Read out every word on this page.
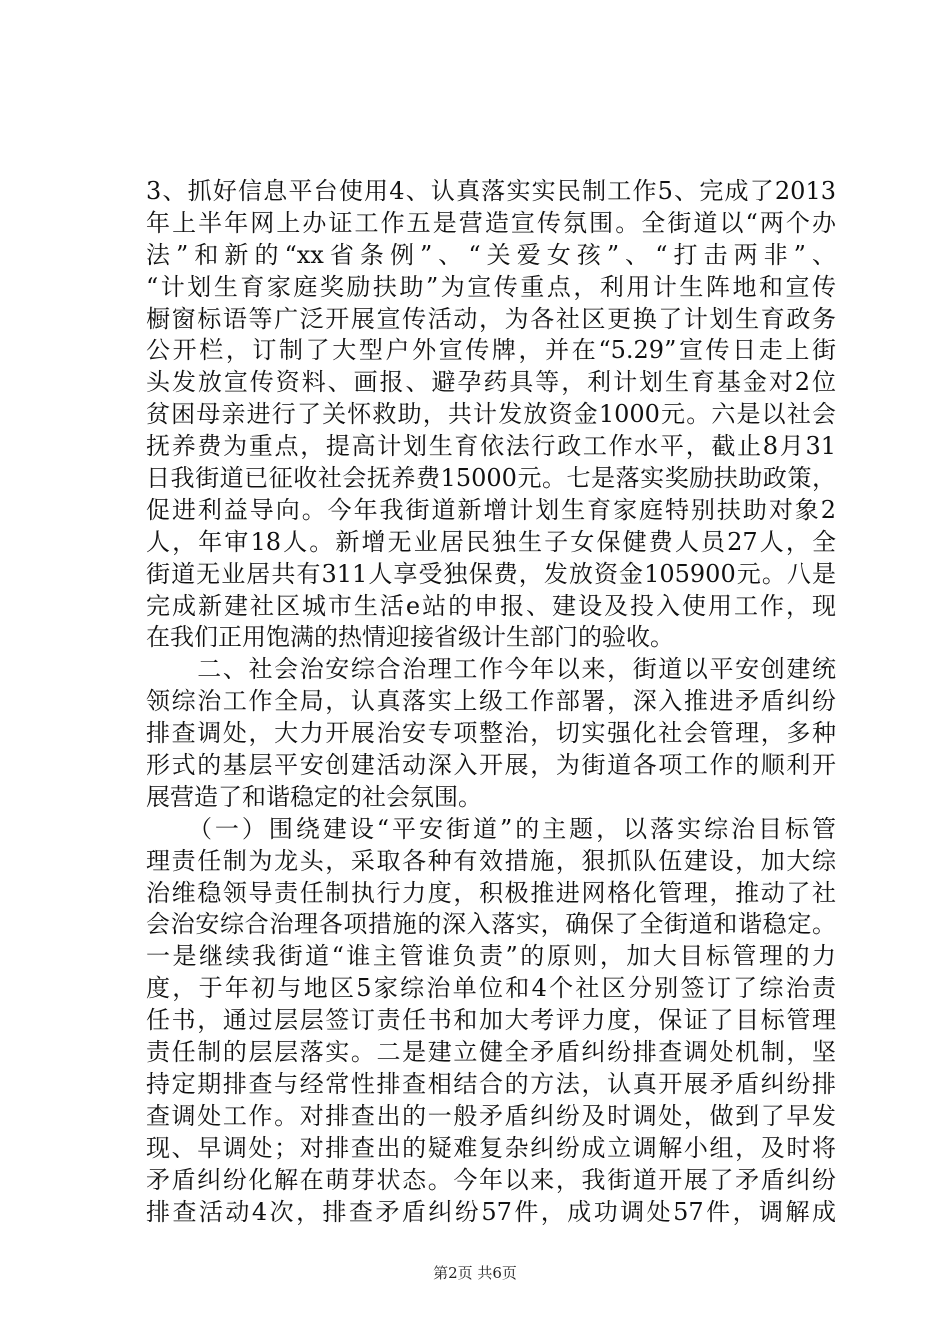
3、抓好信息平台使用4、认真落实实民制工作5、完成了2013
年上半年网上办证工作五是营造宣传氛围。全街道以“两个办
法”和新的“xx省条例”、“关爱女孩”、“打击两非”、
“计划生育家庭奖励扶助”为宣传重点，利用计生阵地和宣传
橱窗标语等广泛开展宣传活动，为各社区更换了计划生育政务
公开栏，订制了大型户外宣传牌，并在“5.29”宣传日走上街
头发放宣传资料、画报、避孕药具等，利计划生育基金对2位
贫困母亲进行了关怀救助，共计发放资金1000元。六是以社会
抚养费为重点，提高计划生育依法行政工作水平，截止8月31
日我街道已征收社会抚养费15000元。七是落实奖励扶助政策，
促进利益导向。今年我街道新增计划生育家庭特别扶助对象2
人，年审18人。新增无业居民独生子女保健费人员27人，全
街道无业居共有311人享受独保费，发放资金105900元。八是
完成新建社区城市生活e站的申报、建设及投入使用工作，现
在我们正用饱满的热情迎接省级计生部门的验收。
　　二、社会治安综合治理工作今年以来，街道以平安创建统
领综治工作全局，认真落实上级工作部署，深入推进矛盾纠纷
排查调处，大力开展治安专项整治，切实强化社会管理，多种
形式的基层平安创建活动深入开展，为街道各项工作的顺利开
展营造了和谐稳定的社会氛围。
　　（一）围绕建设“平安街道”的主题，以落实综治目标管
理责任制为龙头，采取各种有效措施，狠抓队伍建设，加大综
治维稳领导责任制执行力度，积极推进网格化管理，推动了社
会治安综合治理各项措施的深入落实，确保了全街道和谐稳定。
一是继续我街道“谁主管谁负责”的原则，加大目标管理的力
度，于年初与地区5家综治单位和4个社区分别签订了综治责
任书，通过层层签订责任书和加大考评力度，保证了目标管理
责任制的层层落实。二是建立健全矛盾纠纷排查调处机制，坚
持定期排查与经常性排查相结合的方法，认真开展矛盾纠纷排
查调处工作。对排查出的一般矛盾纠纷及时调处，做到了早发
现、早调处；对排查出的疑难复杂纠纷成立调解小组，及时将
矛盾纠纷化解在萌芽状态。今年以来，我街道开展了矛盾纠纷
排查活动4次，排查矛盾纠纷57件，成功调处57件，调解成
第2页 共6页
